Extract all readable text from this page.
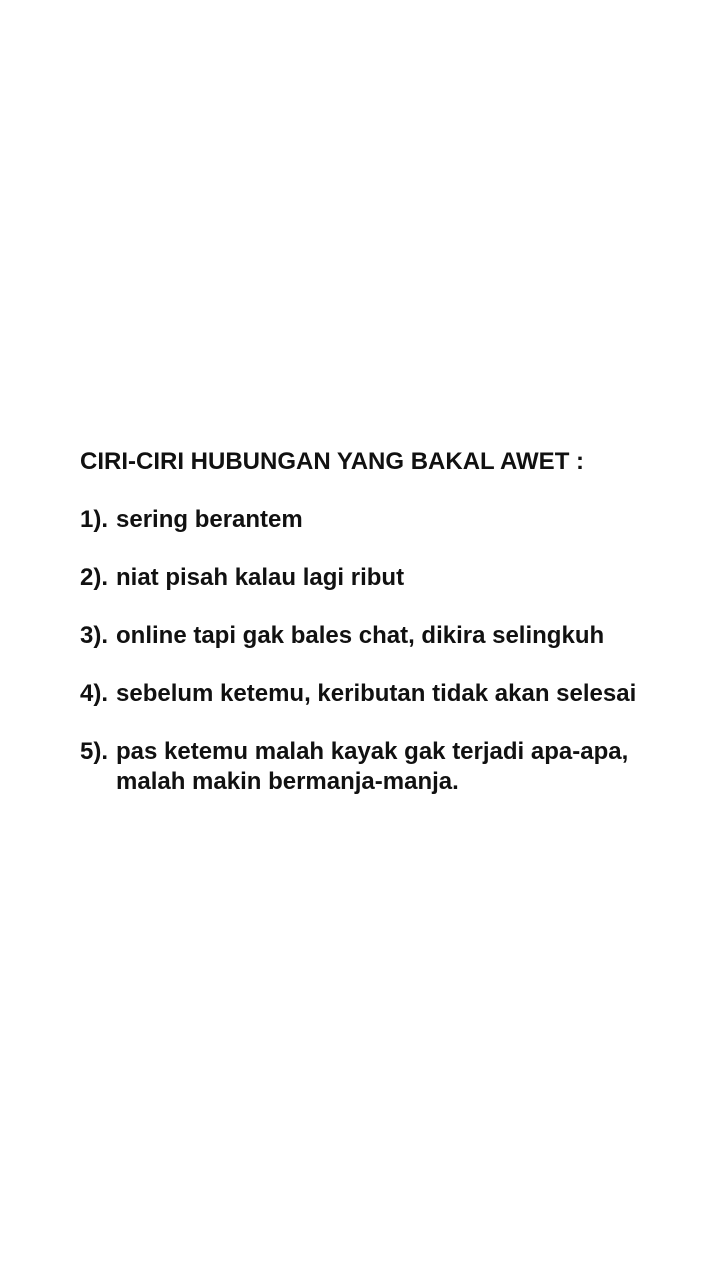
CIRI-CIRI HUBUNGAN YANG BAKAL AWET :
1). sering berantem
2). niat pisah kalau lagi ribut
3). online tapi gak bales chat, dikira selingkuh
4). sebelum ketemu, keributan tidak akan selesai
5). pas ketemu malah kayak gak terjadi apa-apa,
malah makin bermanja-manja.
